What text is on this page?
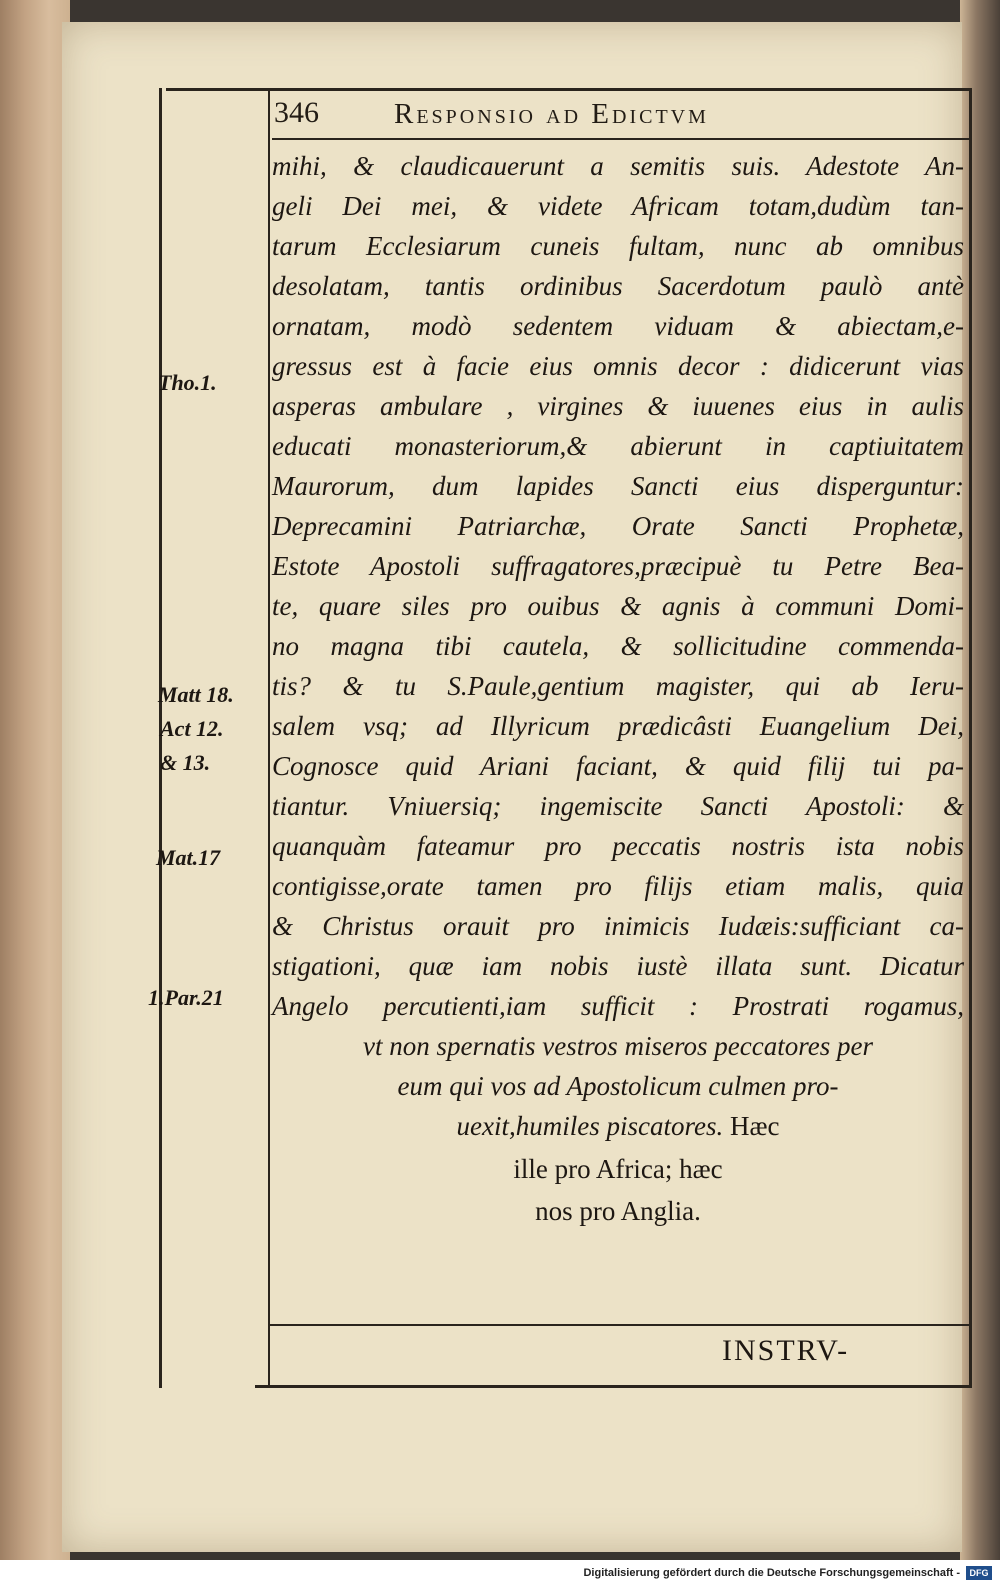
346	Responsio ad Edictvm
Tho.1.
Matt 18.
Act 12.
& 13.
Mat.17
1.Par.21
mihi, & claudicauerunt a semitis suis. Adestote An-
geli Dei mei, & videte Africam totam,dudùm tan-
tarum Ecclesiarum cuneis fultam, nunc ab omnibus
desolatam, tantis ordinibus Sacerdotum paulò antè
ornatam, modò sedentem viduam & abiectam,e-
gressus est à facie eius omnis decor : didicerunt vias
asperas ambulare , virgines & iuuenes eius in aulis
educati monasteriorum,& abierunt in captiuitatem
Maurorum, dum lapides Sancti eius disperguntur:
Deprecamini Patriarchæ, Orate Sancti Prophetæ,
Estote Apostoli suffragatores,præcipuè tu Petre Bea-
te, quare siles pro ouibus & agnis à communi Domi-
no magna tibi cautela, & sollicitudine commenda-
tis? & tu S.Paule,gentium magister, qui ab Ieru-
salem vsq; ad Illyricum prædicâsti Euangelium Dei,
Cognosce quid Ariani faciant, & quid filij tui pa-
tiantur. Vniuersiq; ingemiscite Sancti Apostoli: &
quanquàm fateamur pro peccatis nostris ista nobis
contigisse,orate tamen pro filijs etiam malis, quia
& Christus orauit pro inimicis Iudæis:sufficiant ca-
stigationi, quæ iam nobis iustè illata sunt. Dicatur
Angelo percutienti,iam sufficit : Prostrati rogamus,
vt non spernatis vestros miseros peccatores per
eum qui vos ad Apostolicum culmen pro-
uexit,humiles piscatores. Hæc
ille pro Africa; hæc
nos pro Anglia.
INSTRV-
Digitalisierung gefördert durch die Deutsche Forschungsgemeinschaft -	DFG
